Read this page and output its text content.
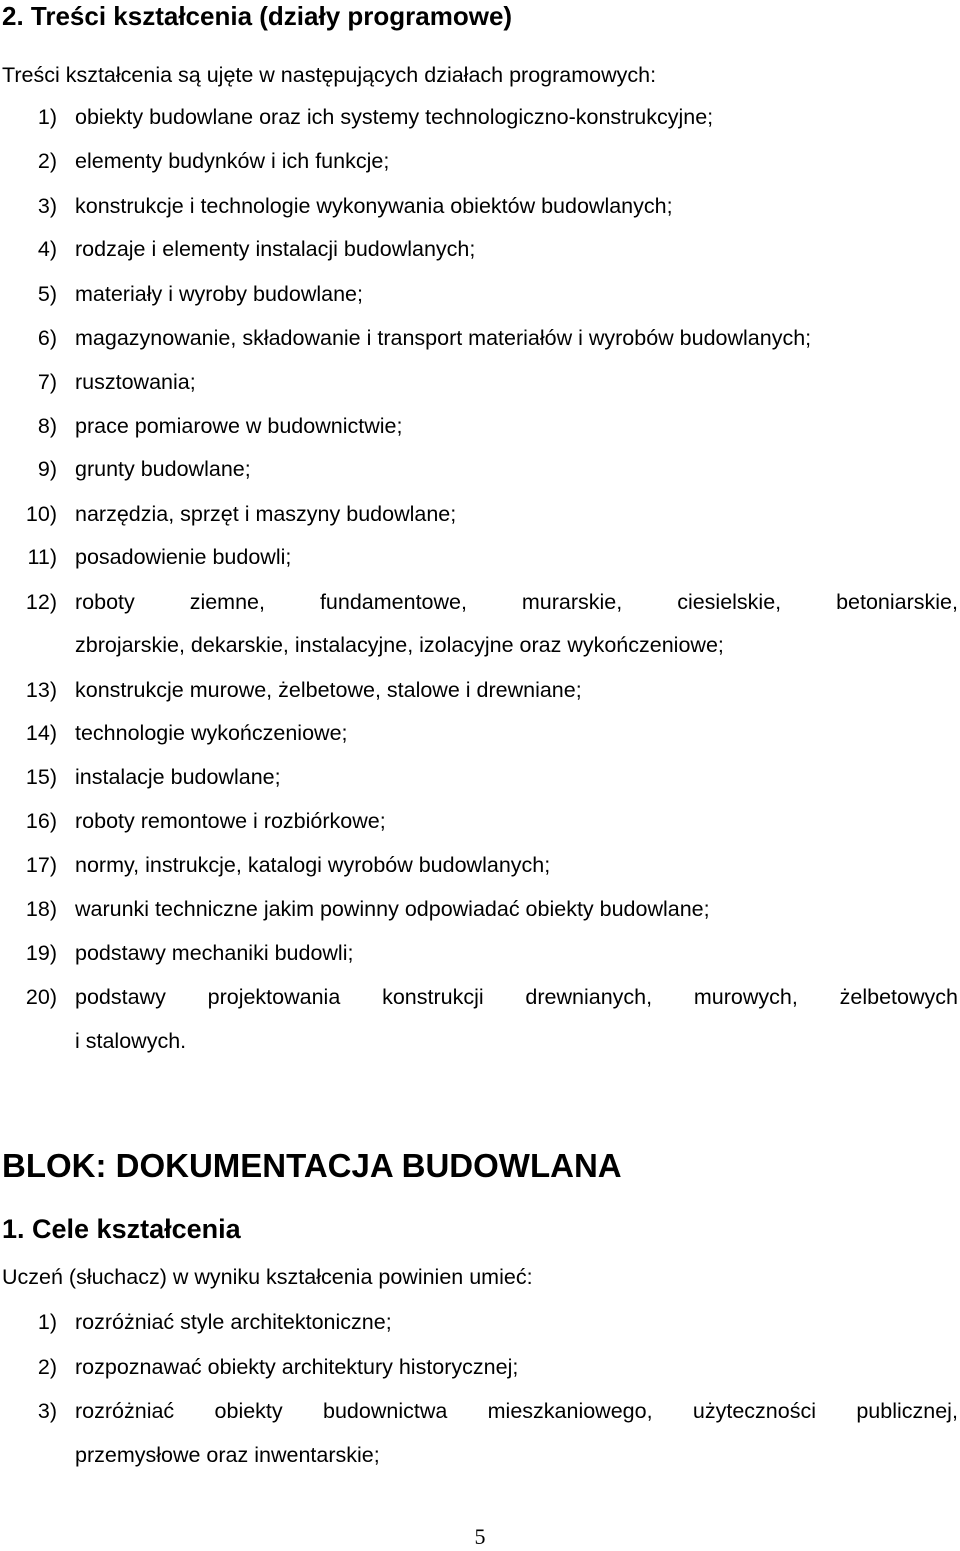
2. Treści kształcenia (działy programowe)
Treści kształcenia są ujęte w następujących działach programowych:
1) obiekty budowlane oraz ich systemy technologiczno-konstrukcyjne;
2) elementy budynków i ich funkcje;
3) konstrukcje i technologie wykonywania obiektów budowlanych;
4) rodzaje i elementy instalacji budowlanych;
5) materiały i wyroby budowlane;
6) magazynowanie, składowanie i transport materiałów i wyrobów budowlanych;
7) rusztowania;
8) prace pomiarowe w budownictwie;
9) grunty budowlane;
10) narzędzia, sprzęt i maszyny budowlane;
11) posadowienie budowli;
12) roboty	ziemne,	fundamentowe,	murarskie,	ciesielskie,	betoniarskie,
zbrojarskie, dekarskie, instalacyjne, izolacyjne oraz wykończeniowe;
13) konstrukcje murowe, żelbetowe, stalowe i drewniane;
14) technologie wykończeniowe;
15) instalacje budowlane;
16) roboty remontowe i rozbiórkowe;
17) normy, instrukcje, katalogi wyrobów budowlanych;
18) warunki techniczne jakim powinny odpowiadać obiekty budowlane;
19) podstawy mechaniki budowli;
20) podstawy projektowania konstrukcji drewnianych, murowych, żelbetowych
i stalowych.
BLOK: DOKUMENTACJA BUDOWLANA
1. Cele kształcenia
Uczeń (słuchacz) w wyniku kształcenia powinien umieć:
1) rozróżniać style architektoniczne;
2) rozpoznawać obiekty architektury historycznej;
3) rozróżniać obiekty budownictwa mieszkaniowego, użyteczności publicznej,
przemysłowe oraz inwentarskie;
5
